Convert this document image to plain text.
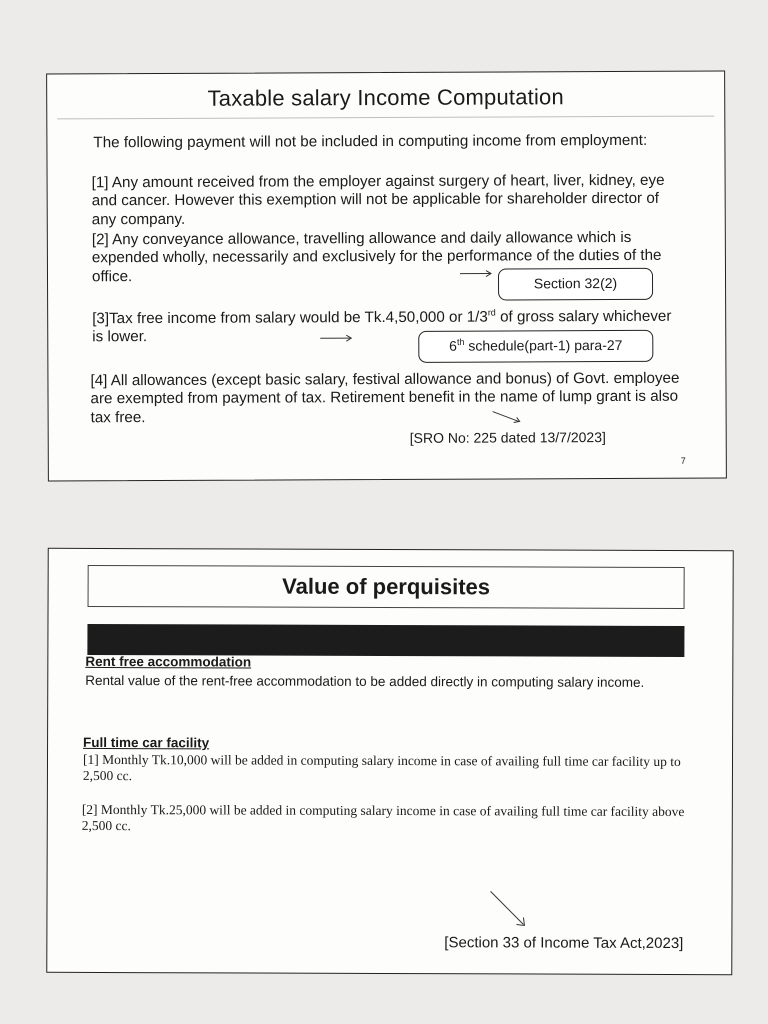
Taxable salary Income Computation

The following payment will not be included in computing income from employment:

[1] Any amount received from the employer against surgery of heart, liver, kidney, eye and cancer. However this exemption will not be applicable for shareholder director of any company.

[2] Any conveyance allowance, travelling allowance and daily allowance which is expended wholly, necessarily and exclusively for the performance of the duties of the office.	Section 32(2)

[3]Tax free income from salary would be Tk.4,50,000 or 1/3rd of gross salary whichever is lower.

6th schedule(part-1) para-27

[4] All allowances (except basic salary, festival allowance and bonus) of Govt. employee are exempted from payment of tax. Retirement benefit in the name of lump grant is also tax free.

[SRO No: 225 dated 13/7/2023]
7
Value of perquisites
Rent free accommodation

Rental value of the rent-free accommodation to be added directly in computing salary income.

Full time car facility

[1] Monthly Tk.10,000 will be added in computing salary income in case of availing full time car facility up to 2,500 cc.

[2] Monthly Tk.25,000 will be added in computing salary income in case of availing full time car facility above 2,500 cc.

[Section 33 of Income Tax Act,2023]
